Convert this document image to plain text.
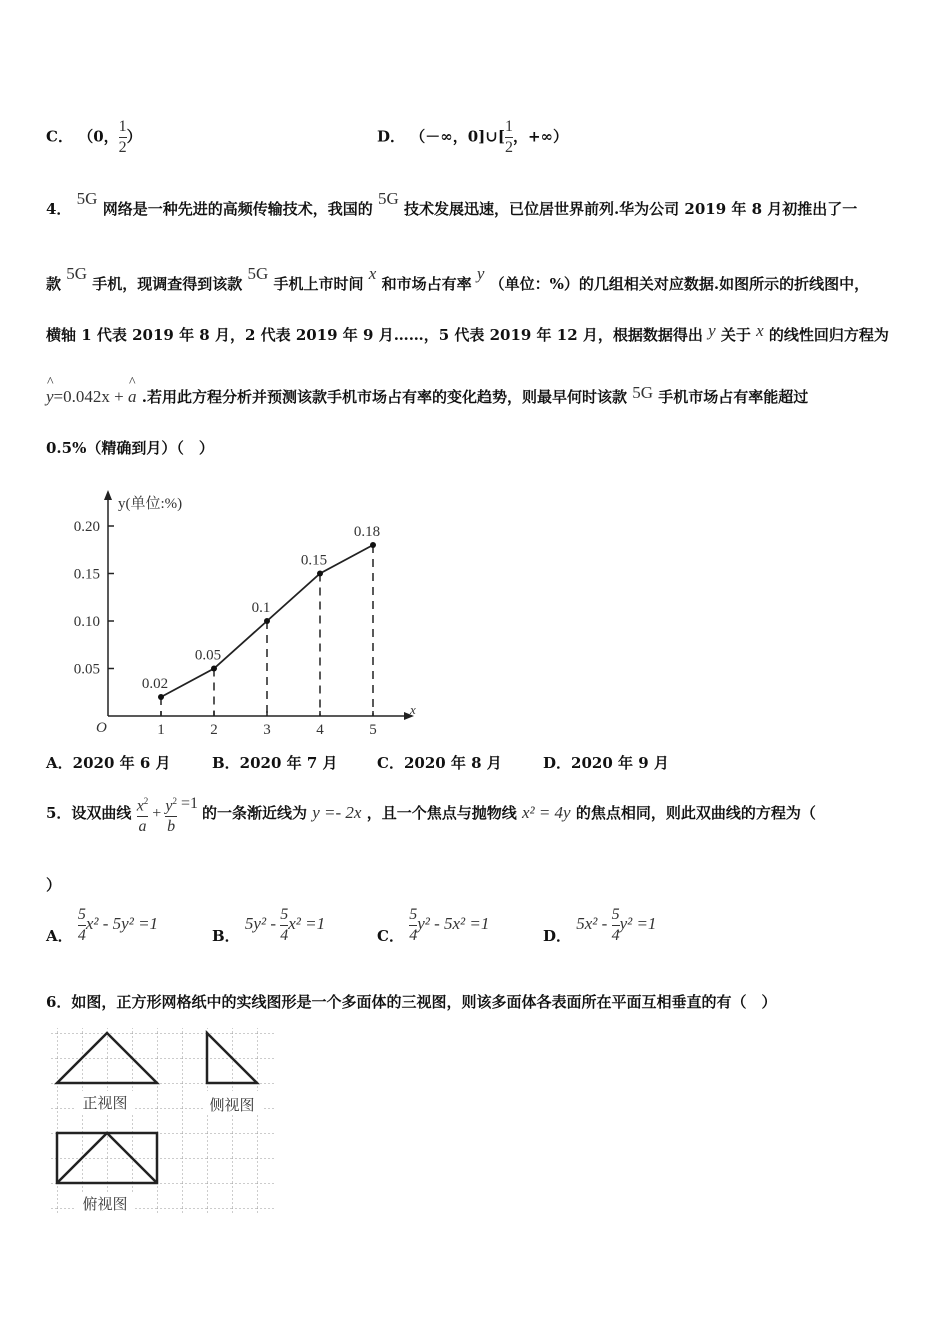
C． （0， $\frac{1}{2}$ ）	D． （－∞，0]∪[ $\frac{1}{2}$ ，+∞）
4． 5G 网络是一种先进的高频传输技术，我国的 5G 技术发展迅速，已位居世界前列.华为公司 2019 年 8 月初推出了一
款 5G 手机，现调查得到该款 5G 手机上市时间 x 和市场占有率 y （单位：%）的几组相关对应数据.如图所示的折线图中，
横轴 1 代表 2019 年 8 月，2 代表 2019 年 9 月……，5 代表 2019 年 12 月，根据数据得出 y 关于 x 的线性回归方程为
^
y=0.042x +
^
a .若用此方程分析并预测该款手机市场占有率的变化趋势，则最早何时该款 5G 手机市场占有率能超过
0.5%（精确到月）（　）
y(单位:%)
x
O
0.05
0.10
0.15
0.20
1	2	3	4	5
0.02
0.05
0.1
0.15
0.18
A．2020 年 6 月	B．2020 年 7 月	C．2020 年 8 月	D．2020 年 9 月
5．设双曲线 $\frac{x^2}{a} + \frac{y^2}{b} =1$ 的一条渐近线为 y =- 2x ，且一个焦点与抛物线 x² = 4y 的焦点相同，则此双曲线的方程为（
）
A． $\frac{5}{4} x^2 - 5y^2 =1$
B． $5y^2 - \frac{5}{4} x^2 =1$
C． $\frac{5}{4} y^2 - 5x^2 =1$
D． $5x^2 - \frac{5}{4} y^2 =1$
6．如图，正方形网格纸中的实线图形是一个多面体的三视图，则该多面体各表面所在平面互相垂直的有（　）
正视图	侧视图
俯视图
